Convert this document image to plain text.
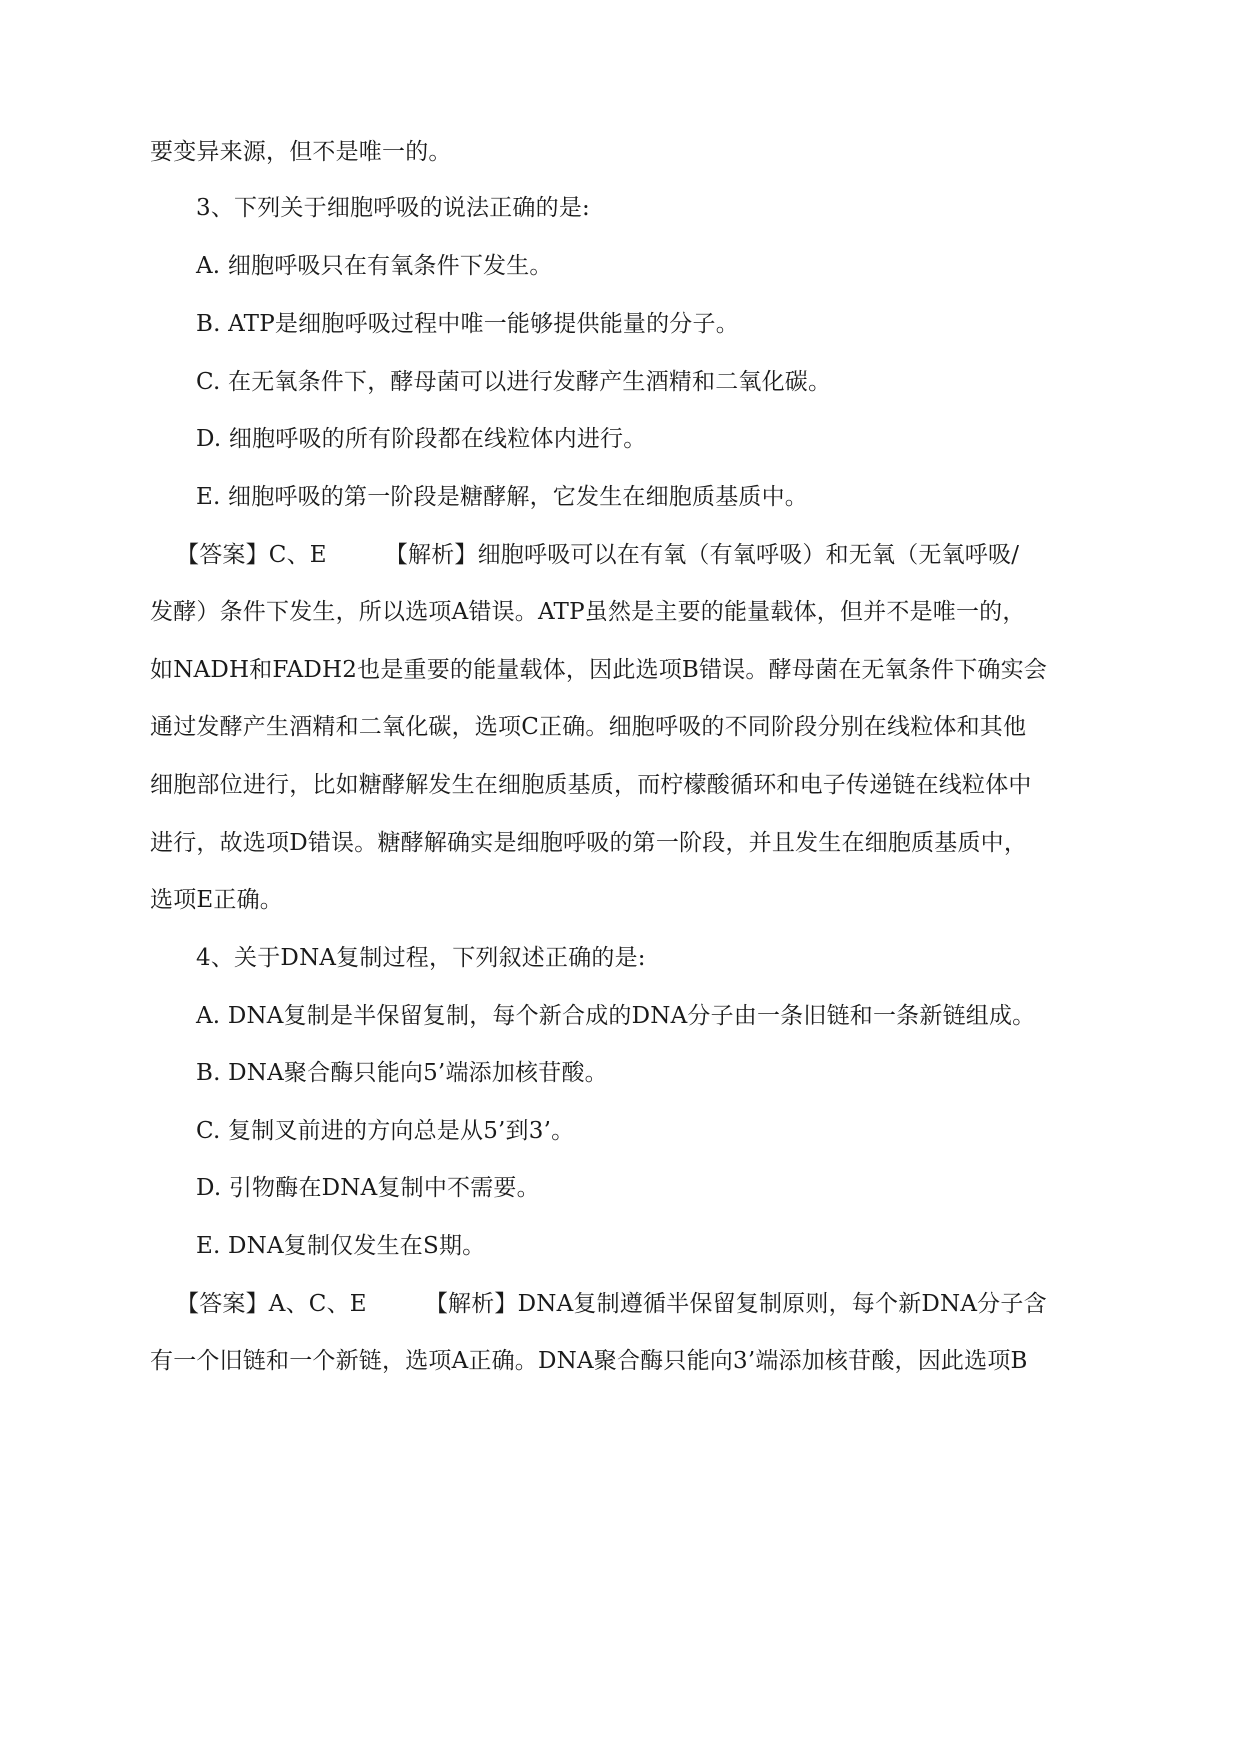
要变异来源，但不是唯一的。
3、下列关于细胞呼吸的说法正确的是:
A. 细胞呼吸只在有氧条件下发生。
B. ATP是细胞呼吸过程中唯一能够提供能量的分子。
C. 在无氧条件下，酵母菌可以进行发酵产生酒精和二氧化碳。
D. 细胞呼吸的所有阶段都在线粒体内进行。
E. 细胞呼吸的第一阶段是糖酵解，它发生在细胞质基质中。
【答案】C、E	【解析】细胞呼吸可以在有氧（有氧呼吸）和无氧（无氧呼吸/
发酵）条件下发生，所以选项A错误。ATP虽然是主要的能量载体，但并不是唯一的，
如NADH和FADH2也是重要的能量载体，因此选项B错误。酵母菌在无氧条件下确实会
通过发酵产生酒精和二氧化碳，选项C正确。细胞呼吸的不同阶段分别在线粒体和其他
细胞部位进行，比如糖酵解发生在细胞质基质，而柠檬酸循环和电子传递链在线粒体中
进行，故选项D错误。糖酵解确实是细胞呼吸的第一阶段，并且发生在细胞质基质中，
选项E正确。
4、关于DNA复制过程，下列叙述正确的是:
A. DNA复制是半保留复制，每个新合成的DNA分子由一条旧链和一条新链组成。
B. DNA聚合酶只能向5’端添加核苷酸。
C. 复制叉前进的方向总是从5’到3’。
D. 引物酶在DNA复制中不需要。
E. DNA复制仅发生在S期。
【答案】A、C、E	【解析】DNA复制遵循半保留复制原则，每个新DNA分子含
有一个旧链和一个新链，选项A正确。DNA聚合酶只能向3’端添加核苷酸，因此选项B
